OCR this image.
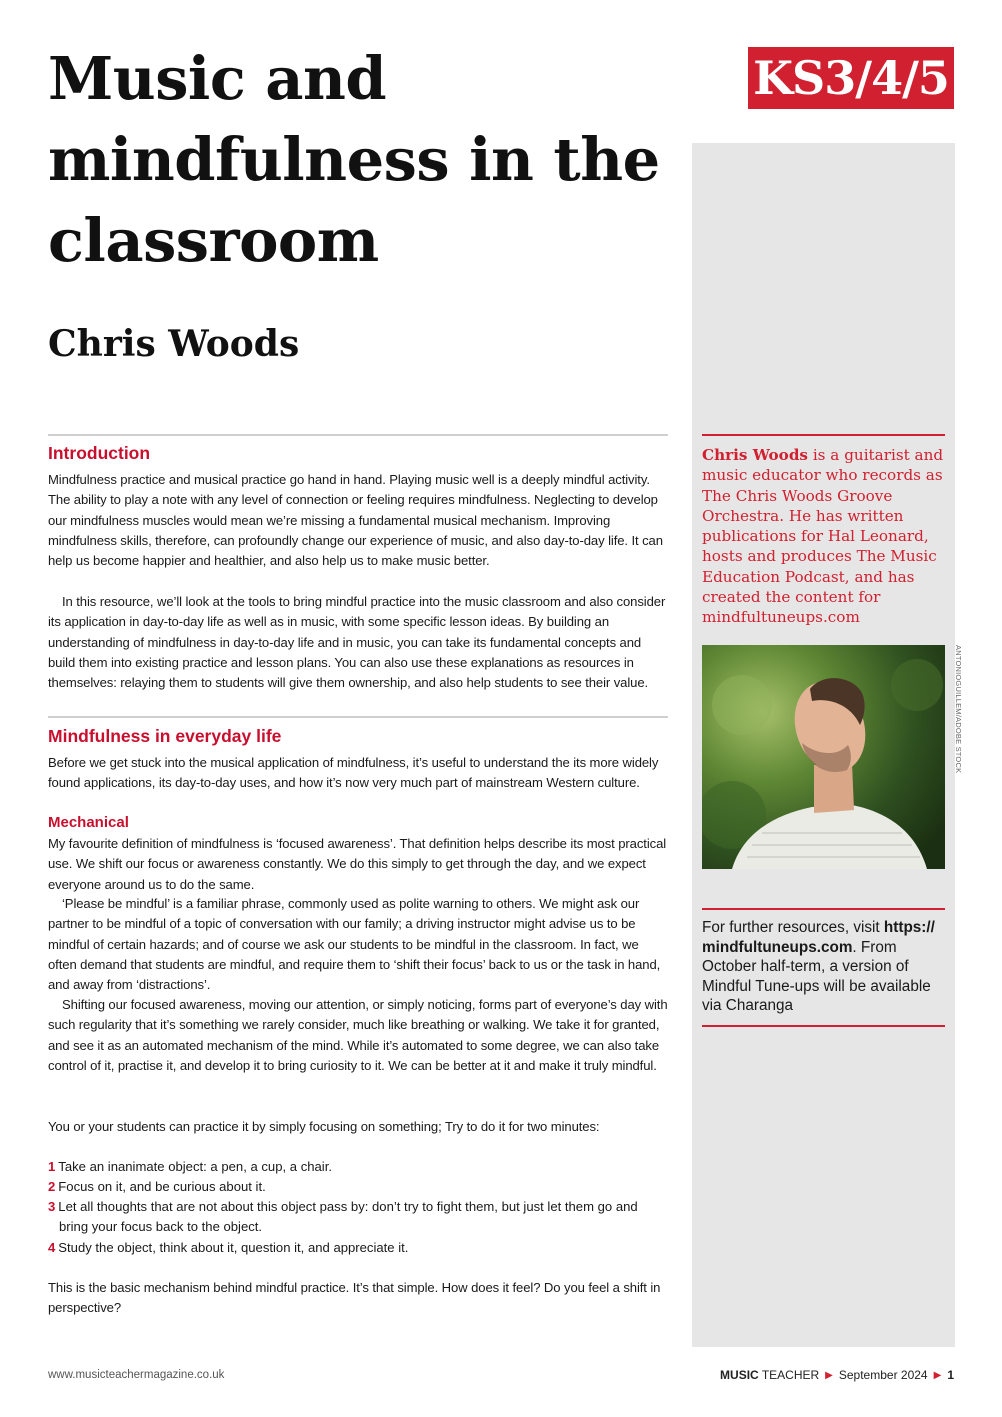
Music and mindfulness in the classroom
Chris Woods
KS3/4/5
Chris Woods is a guitarist and music educator who records as The Chris Woods Groove Orchestra. He has written publications for Hal Leonard, hosts and produces The Music Education Podcast, and has created the content for mindfultuneups.com
ANTONIOGUILLEM/ADOBE STOCK
For further resources, visit https:// mindfultuneups.com. From October half-term, a version of Mindful Tune-ups will be available via Charanga
Introduction

Mindfulness practice and musical practice go hand in hand. Playing music well is a deeply mindful activity. The ability to play a note with any level of connection or feeling requires mindfulness. Neglecting to develop our mindfulness muscles would mean we’re missing a fundamental musical mechanism. Improving mindfulness skills, therefore, can profoundly change our experience of music, and also day-to-day life. It can help us become happier and healthier, and also help us to make music better.

In this resource, we’ll look at the tools to bring mindful practice into the music classroom and also consider its application in day-to-day life as well as in music, with some specific lesson ideas. By building an understanding of mindfulness in day-to-day life and in music, you can take its fundamental concepts and build them into existing practice and lesson plans. You can also use these explanations as resources in themselves: relaying them to students will give them ownership, and also help students to see their value.

Mindfulness in everyday life

Before we get stuck into the musical application of mindfulness, it’s useful to understand the its more widely found applications, its day-to-day uses, and how it’s now very much part of mainstream Western culture.

Mechanical

My favourite definition of mindfulness is ‘focused awareness’. That definition helps describe its most practical use. We shift our focus or awareness constantly. We do this simply to get through the day, and we expect everyone around us to do the same.

‘Please be mindful’ is a familiar phrase, commonly used as polite warning to others. We might ask our partner to be mindful of a topic of conversation with our family; a driving instructor might advise us to be mindful of certain hazards; and of course we ask our students to be mindful in the classroom. In fact, we often demand that students are mindful, and require them to ‘shift their focus’ back to us or the task in hand, and away from ‘distractions’.

Shifting our focused awareness, moving our attention, or simply noticing, forms part of everyone’s day with such regularity that it’s something we rarely consider, much like breathing or walking. We take it for granted, and see it as an automated mechanism of the mind. While it’s automated to some degree, we can also take control of it, practise it, and develop it to bring curiosity to it. We can be better at it and make it truly mindful.

You or your students can practice it by simply focusing on something; Try to do it for two minutes:

1 Take an inanimate object: a pen, a cup, a chair.
2 Focus on it, and be curious about it.
3 Let all thoughts that are not about this object pass by: don’t try to fight them, but just let them go and bring your focus back to the object.
4 Study the object, think about it, question it, and appreciate it.

This is the basic mechanism behind mindful practice. It’s that simple. How does it feel? Do you feel a shift in perspective?

www.musicteachermagazine.co.uk	MUSIC TEACHER ▶ September 2024 ▶ 1
